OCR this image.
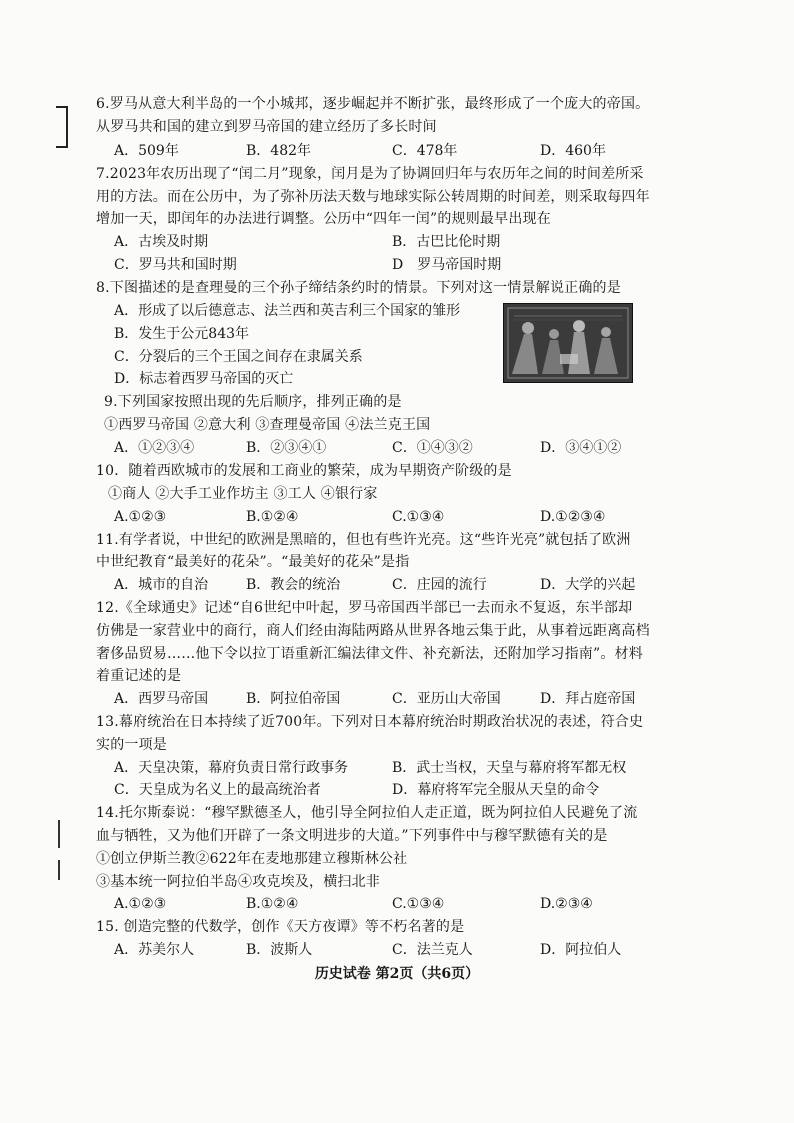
6.罗马从意大利半岛的一个小城邦，逐步崛起并不断扩张，最终形成了一个庞大的帝国。
从罗马共和国的建立到罗马帝国的建立经历了多长时间
A．509年	B．482年	C．478年	D．460年
7.2023年农历出现了“闰二月”现象，闰月是为了协调回归年与农历年之间的时间差所采
用的方法。而在公历中，为了弥补历法天数与地球实际公转周期的时间差，则采取每四年
增加一天，即闰年的办法进行调整。公历中“四年一闰”的规则最早出现在
A．古埃及时期	B．古巴比伦时期
C．罗马共和国时期	D　罗马帝国时期
8.下图描述的是查理曼的三个孙子缔结条约时的情景。下列对这一情景解说正确的是
A．形成了以后德意志、法兰西和英吉利三个国家的雏形
B．发生于公元843年
C．分裂后的三个王国之间存在隶属关系
D．标志着西罗马帝国的灭亡
9.下列国家按照出现的先后顺序，排列正确的是
①西罗马帝国 ②意大利 ③查理曼帝国 ④法兰克王国
A．①②③④	B．②③④①	C．①④③②	D．③④①②
10．随着西欧城市的发展和工商业的繁荣，成为早期资产阶级的是
①商人 ②大手工业作坊主 ③工人 ④银行家
A.①②③	B.①②④	C.①③④	D.①②③④
11.有学者说，中世纪的欧洲是黑暗的，但也有些许光亮。这“些许光亮”就包括了欧洲
中世纪教育“最美好的花朵”。“最美好的花朵”是指
A．城市的自治	B．教会的统治	C．庄园的流行	D．大学的兴起
12.《全球通史》记述“自6世纪中叶起，罗马帝国西半部已一去而永不复返，东半部却
仿佛是一家营业中的商行，商人们经由海陆两路从世界各地云集于此，从事着远距离高档
奢侈品贸易……他下令以拉丁语重新汇编法律文件、补充新法，还附加学习指南”。材料
着重记述的是
A．西罗马帝国	B．阿拉伯帝国	C．亚历山大帝国	D．拜占庭帝国
13.幕府统治在日本持续了近700年。下列对日本幕府统治时期政治状况的表述，符合史
实的一项是
A．天皇决策，幕府负责日常行政事务	B．武士当权，天皇与幕府将军都无权
C．天皇成为名义上的最高统治者	D．幕府将军完全服从天皇的命令
14.托尔斯泰说：“穆罕默德圣人，他引导全阿拉伯人走正道，既为阿拉伯人民避免了流
血与牺牲，又为他们开辟了一条文明进步的大道。”下列事件中与穆罕默德有关的是
①创立伊斯兰教②622年在麦地那建立穆斯林公社
③基本统一阿拉伯半岛④攻克埃及，横扫北非
A.①②③	B.①②④	C.①③④	D.②③④
15. 创造完整的代数学，创作《天方夜谭》等不朽名著的是
A．苏美尔人	B．波斯人	C．法兰克人	D．阿拉伯人
历史试卷 第2页（共6页）
